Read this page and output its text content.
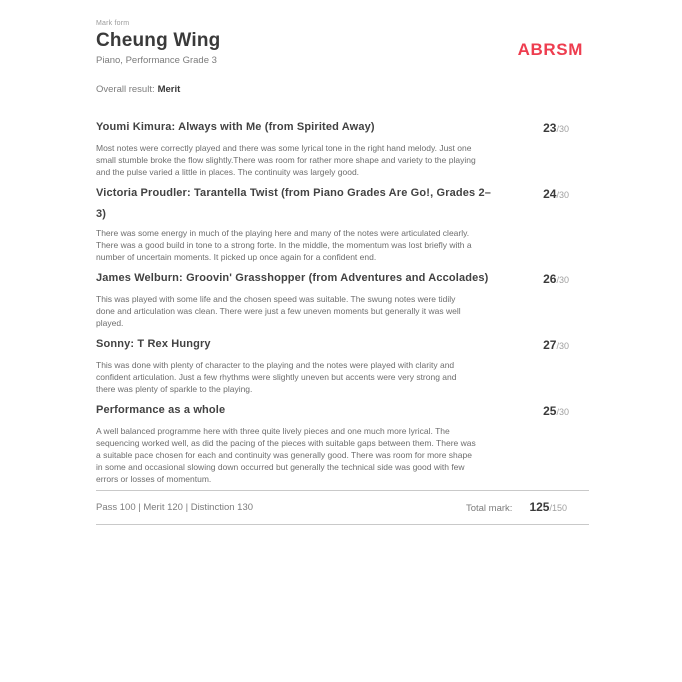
Mark form
Cheung Wing
Piano, Performance Grade 3
Overall result: Merit
ABRSM
Youmi Kimura: Always with Me (from Spirited Away)	23/30
Most notes were correctly played and there was some lyrical tone in the right hand melody. Just one small stumble broke the flow slightly.There was room for rather more shape and variety to the playing and the pulse varied a little in places. The continuity was largely good.
Victoria Proudler: Tarantella Twist (from Piano Grades Are Go!, Grades 2–3)
24/30
There was some energy in much of the playing here and many of the notes were articulated clearly. There was a good build in tone to a strong forte. In the middle, the momentum was lost briefly with a number of uncertain moments. It picked up once again for a confident end.
James Welburn: Groovin' Grasshopper (from Adventures and Accolades)	26/30
This was played with some life and the chosen speed was suitable. The swung notes were tidily done and articulation was clean. There were just a few uneven moments but generally it was well played.
Sonny: T Rex Hungry	27/30
This was done with plenty of character to the playing and the notes were played with clarity and confident articulation. Just a few rhythms were slightly uneven but accents were very strong and there was plenty of sparkle to the playing.
Performance as a whole	25/30
A well balanced programme here with three quite lively pieces and one much more lyrical. The sequencing worked well, as did the pacing of the pieces with suitable gaps between them. There was a suitable pace chosen for each and continuity was generally good. There was room for more shape in some and occasional slowing down occurred but generally the technical side was good with few errors or losses of momentum.
Pass 100 | Merit 120 | Distinction 130	Total mark: 125 /150
